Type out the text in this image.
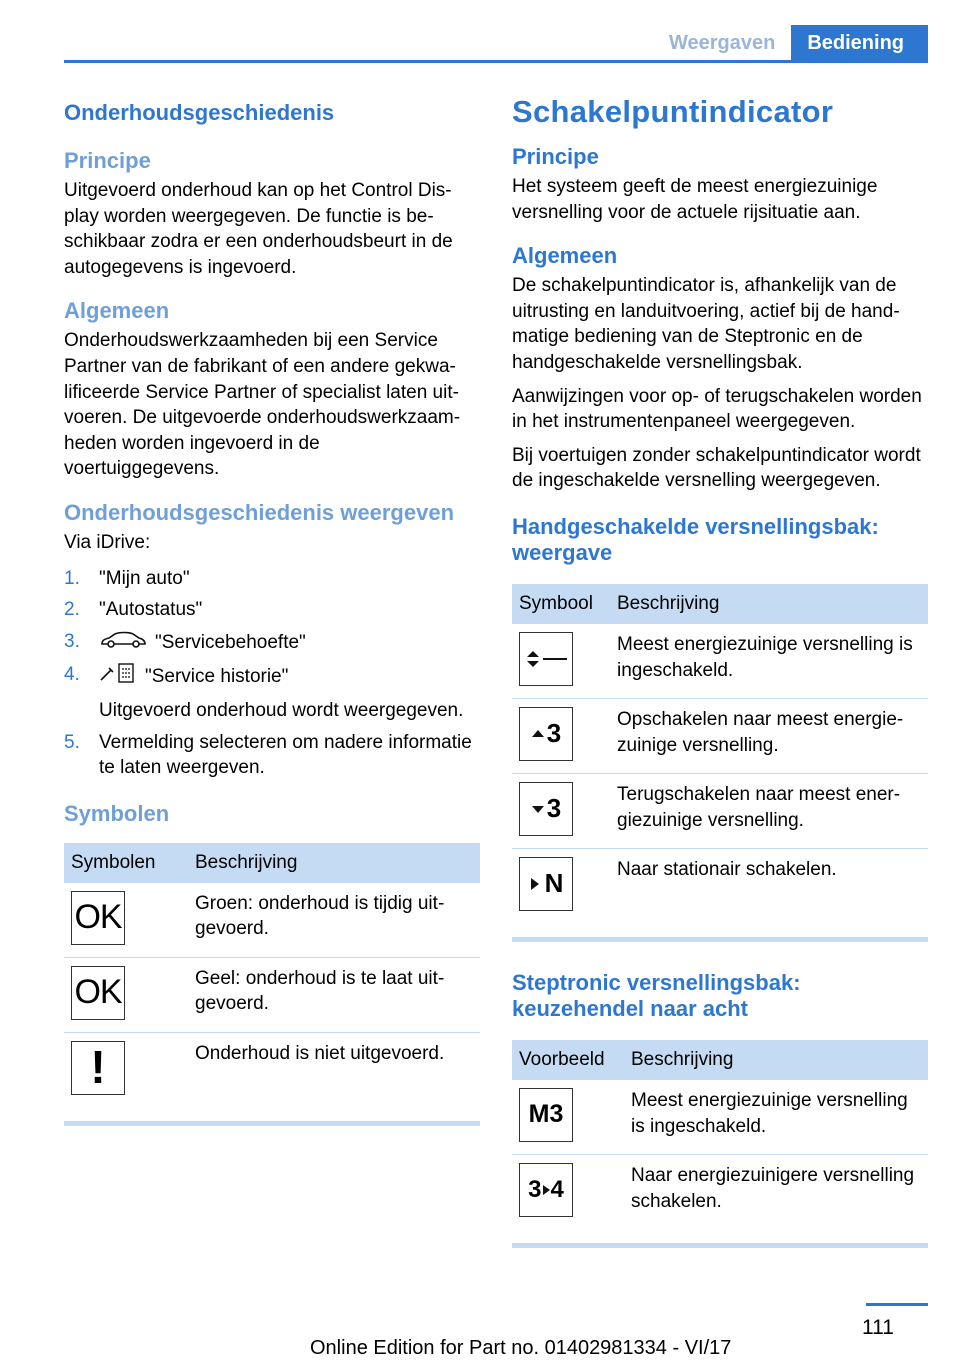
Weergaven	Bediening
Onderhoudsgeschiedenis
Principe

Uitgevoerd onderhoud kan op het Control Display worden weergegeven. De functie is beschikbaar zodra er een onderhoudsbeurt in de autogegevens is ingevoerd.

Algemeen

Onderhoudswerkzaamheden bij een Service Partner van de fabrikant of een andere gekwalificeerde Service Partner of specialist laten uitvoeren. De uitgevoerde onderhoudswerkzaamheden worden ingevoerd in de voertuiggegevens.

Onderhoudsgeschiedenis weergeven

Via iDrive:

1. "Mijn auto"
2. "Autostatus"
3.	"Servicebehoefte"
4.	"Service historie"
Uitgevoerd onderhoud wordt weergegeven.
5. Vermelding selecteren om nadere informatie te laten weergeven.
Symbolen
Symbolen	Beschrijving

OK	Groen: onderhoud is tijdig uitgevoerd.

OK	Geel: onderhoud is te laat uitgevoerd.

!	Onderhoud is niet uitgevoerd.
Schakelpuntindicator
Principe

Het systeem geeft de meest energiezuinige versnelling voor de actuele rijsituatie aan.

Algemeen

De schakelpuntindicator is, afhankelijk van de uitrusting en landuitvoering, actief bij de handmatige bediening van de Steptronic en de handgeschakelde versnellingsbak.

Aanwijzingen voor op- of terugschakelen worden in het instrumentenpaneel weergegeven.

Bij voertuigen zonder schakelpuntindicator wordt de ingeschakelde versnelling weergegeven.

Handgeschakelde versnellingsbak: weergave
Symbool	Beschrijving

	Meest energiezuinige versnelling is ingeschakeld.

3	Opschakelen naar meest energiezuinige versnelling.

3	Terugschakelen naar meest energiezuinige versnelling.

N	Naar stationair schakelen.
Steptronic versnellingsbak: keuzehendel naar acht
Voorbeeld	Beschrijving

M3	Meest energiezuinige versnelling is ingeschakeld.

3 4	Naar energiezuinigere versnelling schakelen.
111
Online Edition for Part no. 01402981334 - VI/17
